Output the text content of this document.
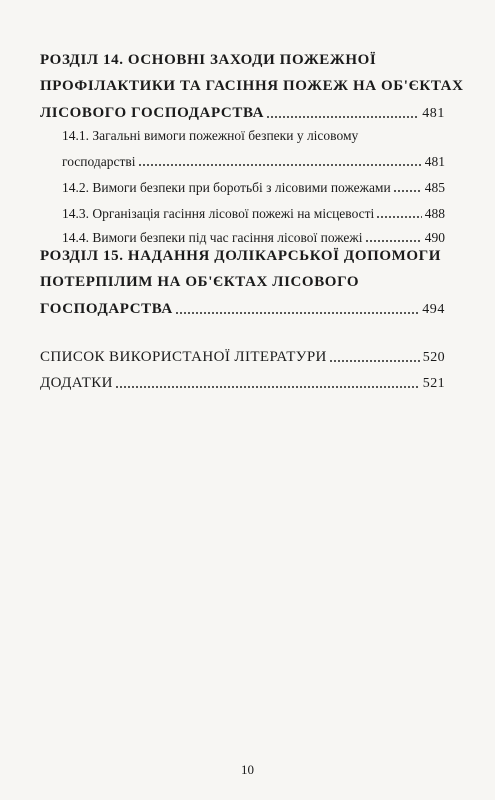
РОЗДІЛ 14. ОСНОВНІ ЗАХОДИ ПОЖЕЖНОЇ
ПРОФІЛАКТИКИ ТА ГАСІННЯ ПОЖЕЖ НА ОБ'ЄКТАХ
ЛІСОВОГО ГОСПОДАРСТВА	481
14.1. Загальні вимоги пожежної безпеки у лісовому
господарстві	481
14.2. Вимоги безпеки при боротьбі з лісовими пожежами	485
14.3. Організація гасіння лісової пожежі на місцевості	488
14.4. Вимоги безпеки під час гасіння лісової пожежі	490
РОЗДІЛ 15. НАДАННЯ ДОЛІКАРСЬКОЇ ДОПОМОГИ
ПОТЕРПІЛИМ НА ОБ'ЄКТАХ ЛІСОВОГО
ГОСПОДАРСТВА	494
СПИСОК ВИКОРИСТАНОЇ ЛІТЕРАТУРИ	520
ДОДАТКИ	521
10
